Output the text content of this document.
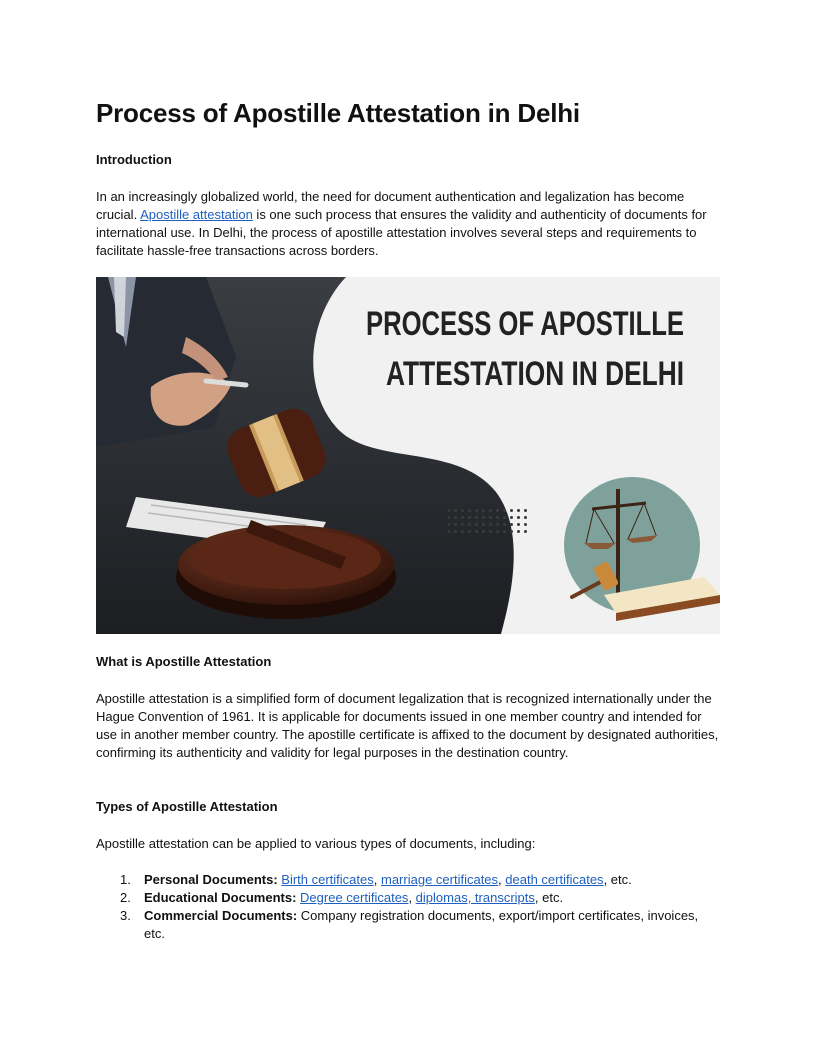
Process of Apostille Attestation in Delhi
Introduction

In an increasingly globalized world, the need for document authentication and legalization has become crucial. Apostille attestation is one such process that ensures the validity and authenticity of documents for international use. In Delhi, the process of apostille attestation involves several steps and requirements to facilitate hassle-free transactions across borders.

PROCESS OF APOSTILLE
ATTESTATION IN DELHI
What is Apostille Attestation

Apostille attestation is a simplified form of document legalization that is recognized internationally under the Hague Convention of 1961. It is applicable for documents issued in one member country and intended for use in another member country. The apostille certificate is affixed to the document by designated authorities, confirming its authenticity and validity for legal purposes in the destination country.

Types of Apostille Attestation

Apostille attestation can be applied to various types of documents, including:

1. Personal Documents: Birth certificates, marriage certificates, death certificates, etc.
2. Educational Documents: Degree certificates, diplomas, transcripts, etc.
3. Commercial Documents: Company registration documents, export/import certificates, invoices, etc.
